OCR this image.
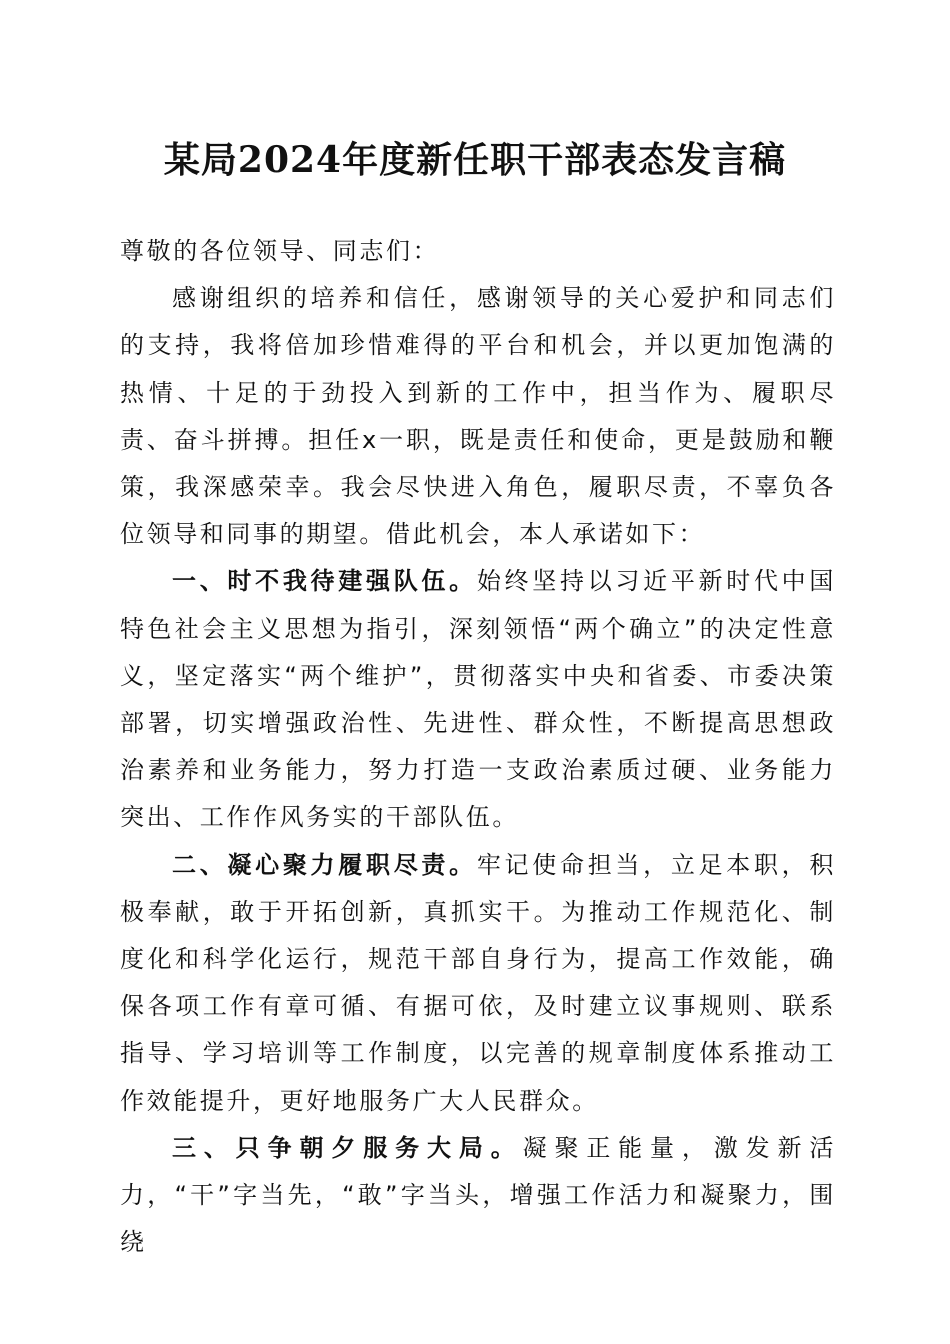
某局2024年度新任职干部表态发言稿

尊敬的各位领导、同志们：

感谢组织的培养和信任，感谢领导的关心爱护和同志们的支持，我将倍加珍惜难得的平台和机会，并以更加饱满的热情、十足的于劲投入到新的工作中，担当作为、履职尽责、奋斗拼搏。担任x一职，既是责任和使命，更是鼓励和鞭策，我深感荣幸。我会尽快进入角色，履职尽责，不辜负各位领导和同事的期望。借此机会，本人承诺如下：

一、时不我待建强队伍。始终坚持以习近平新时代中国特色社会主义思想为指引，深刻领悟“两个确立”的决定性意义，坚定落实“两个维护”，贯彻落实中央和省委、市委决策部署，切实增强政治性、先进性、群众性，不断提高思想政治素养和业务能力，努力打造一支政治素质过硬、业务能力突出、工作作风务实的干部队伍。

二、凝心聚力履职尽责。牢记使命担当，立足本职，积极奉献，敢于开拓创新，真抓实干。为推动工作规范化、制度化和科学化运行，规范干部自身行为，提高工作效能，确保各项工作有章可循、有据可依，及时建立议事规则、联系指导、学习培训等工作制度，以完善的规章制度体系推动工作效能提升，更好地服务广大人民群众。

三、只争朝夕服务大局。凝聚正能量，激发新活力，“干”字当先，“敢”字当头，增强工作活力和凝聚力，围绕
